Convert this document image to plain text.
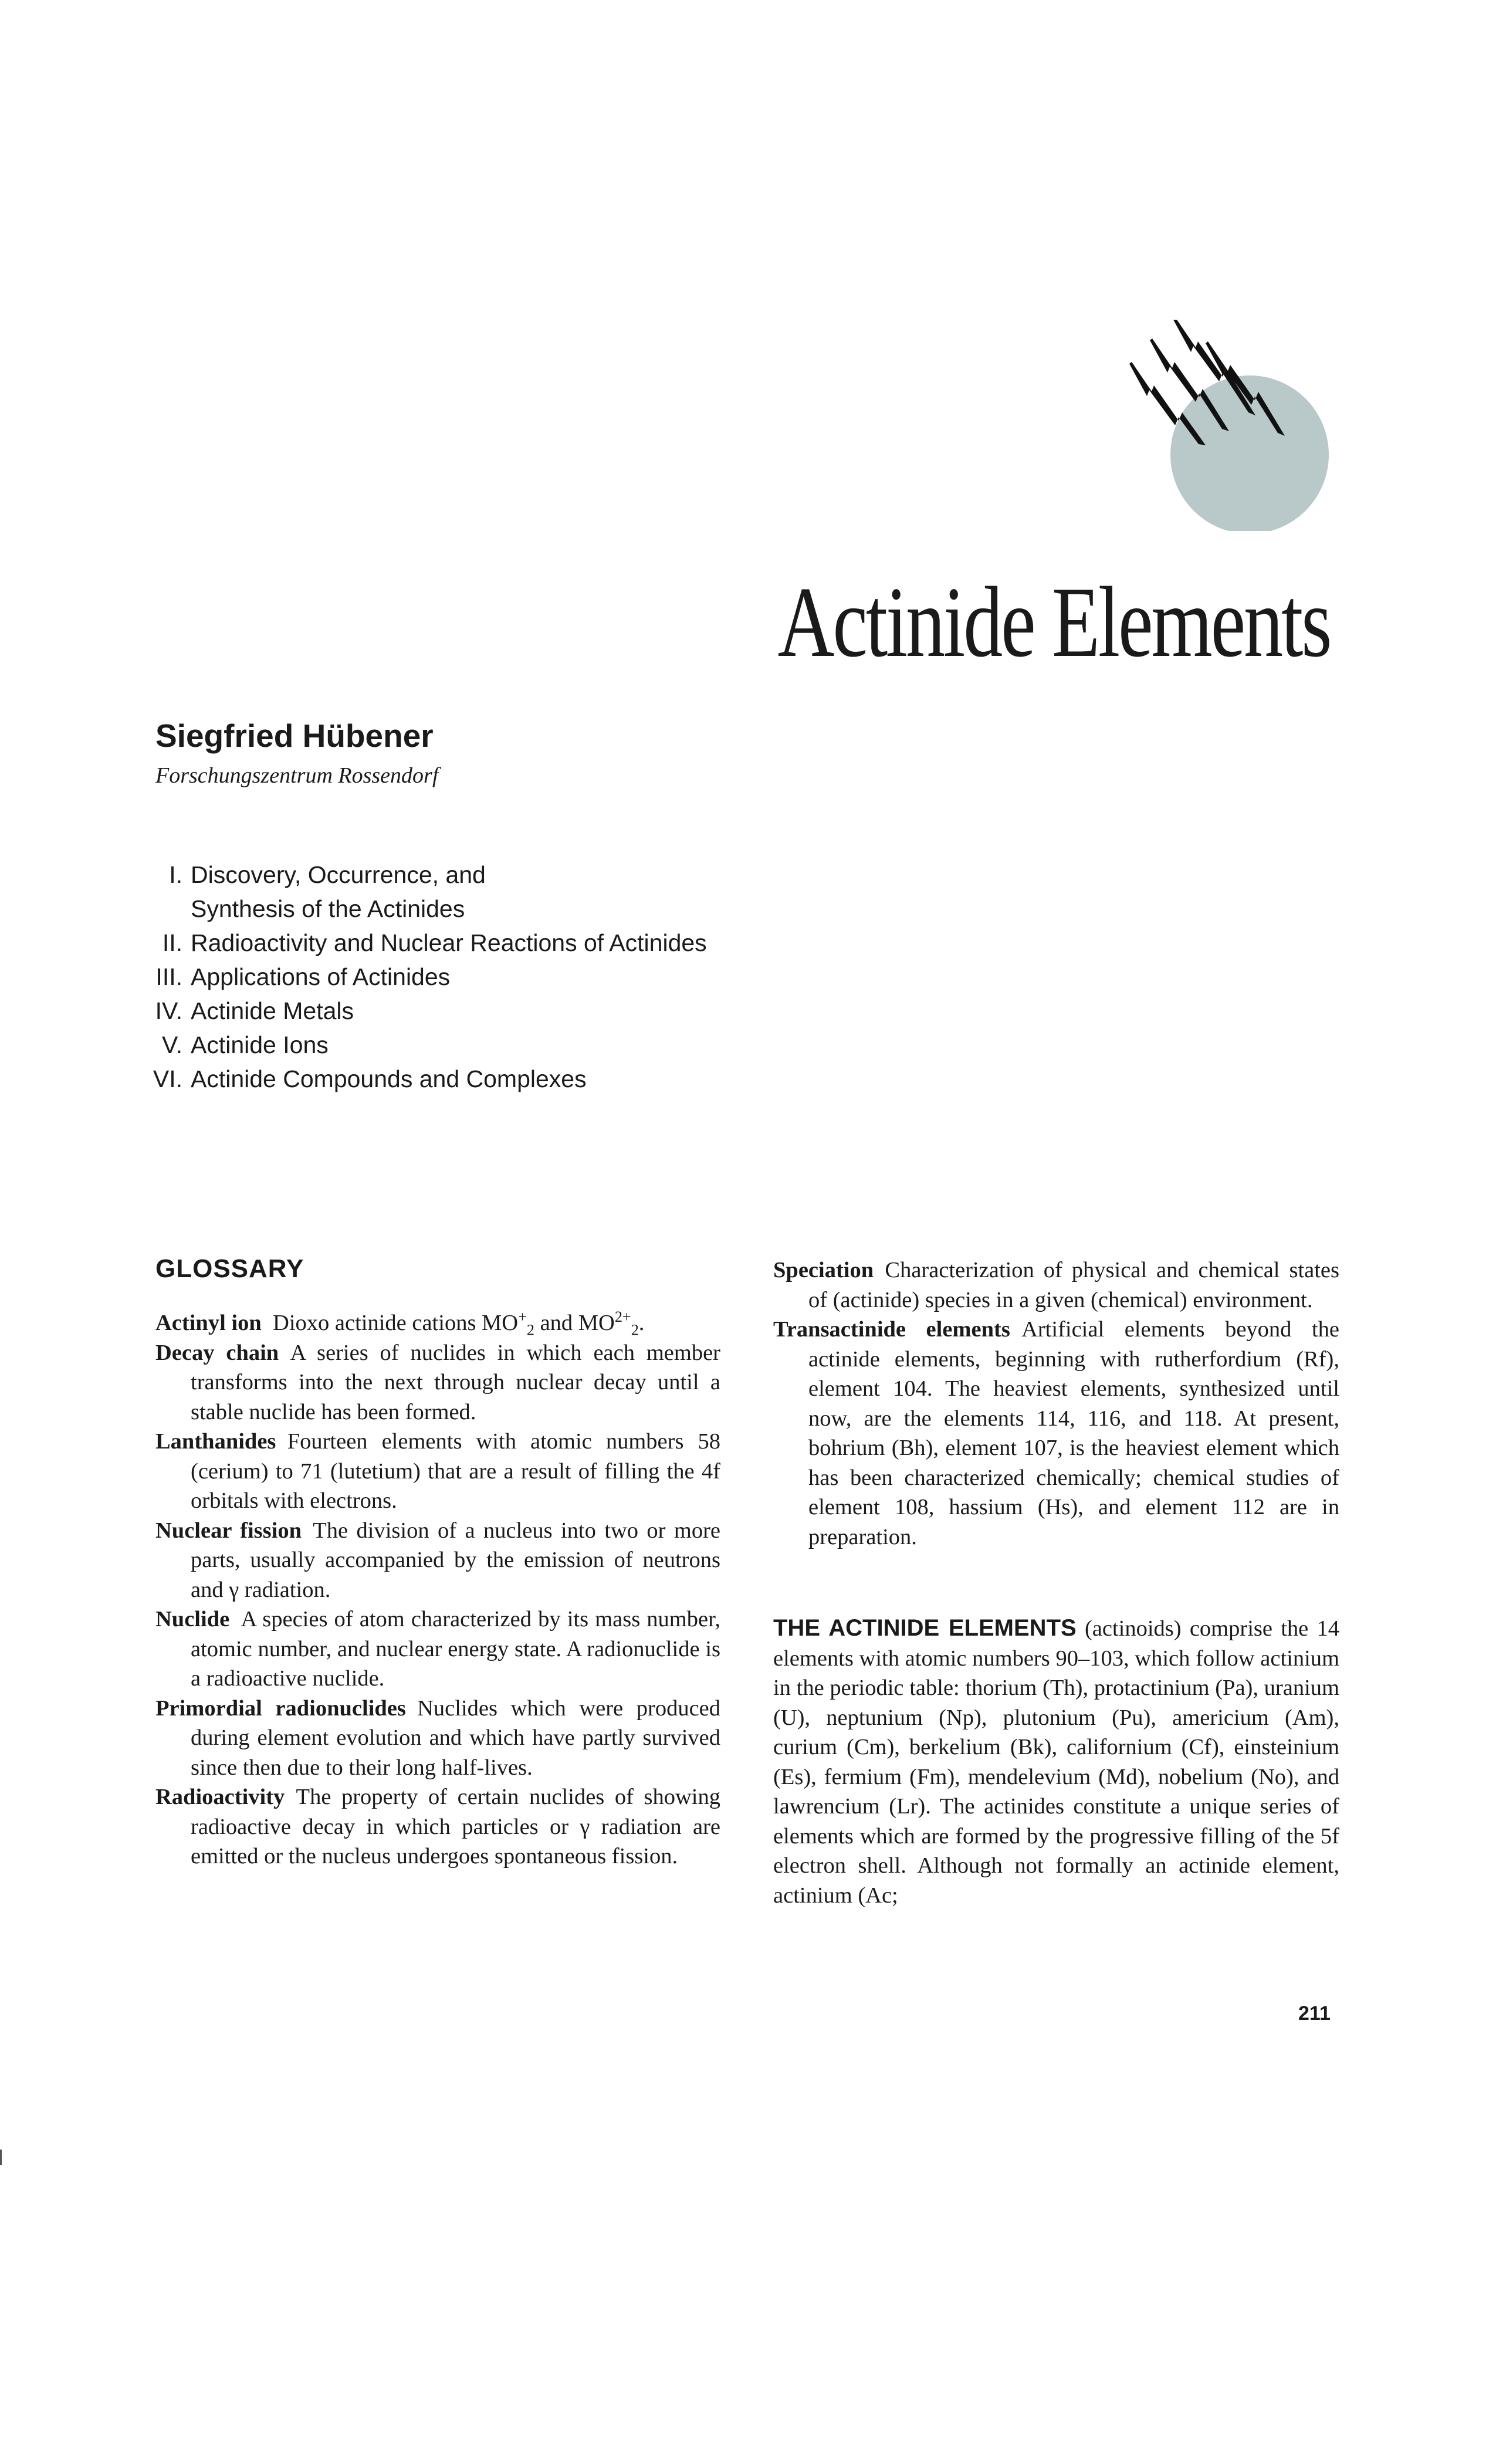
Actinide Elements

Siegfried Hübener

Forschungszentrum Rossendorf

I. Discovery, Occurrence, and
Synthesis of the Actinides
II. Radioactivity and Nuclear Reactions of Actinides
III. Applications of Actinides
IV. Actinide Metals
V. Actinide Ions
VI. Actinide Compounds and Complexes
GLOSSARY

Actinyl ion  Dioxo actinide cations $MO^+_2$ and $MO^{2+}_2$.

Decay chain  A series of nuclides in which each member transforms into the next through nuclear decay until a stable nuclide has been formed.

Lanthanides  Fourteen elements with atomic numbers 58 (cerium) to 71 (lutetium) that are a result of filling the 4f orbitals with electrons.

Nuclear fission  The division of a nucleus into two or more parts, usually accompanied by the emission of neutrons and γ radiation.

Nuclide  A species of atom characterized by its mass number, atomic number, and nuclear energy state. A radionuclide is a radioactive nuclide.

Primordial radionuclides  Nuclides which were produced during element evolution and which have partly survived since then due to their long half-lives.

Radioactivity  The property of certain nuclides of showing radioactive decay in which particles or γ radiation are emitted or the nucleus undergoes spontaneous fission.

Speciation  Characterization of physical and chemical states of (actinide) species in a given (chemical) environment.

Transactinide elements  Artificial elements beyond the actinide elements, beginning with rutherfordium (Rf), element 104. The heaviest elements, synthesized until now, are the elements 114, 116, and 118. At present, bohrium (Bh), element 107, is the heaviest element which has been characterized chemically; chemical studies of element 108, hassium (Hs), and element 112 are in preparation.

THE ACTINIDE ELEMENTS (actinoids) comprise the 14 elements with atomic numbers 90–103, which follow actinium in the periodic table: thorium (Th), protactinium (Pa), uranium (U), neptunium (Np), plutonium (Pu), americium (Am), curium (Cm), berkelium (Bk), californium (Cf), einsteinium (Es), fermium (Fm), mendelevium (Md), nobelium (No), and lawrencium (Lr). The actinides constitute a unique series of elements which are formed by the progressive filling of the 5f electron shell. Although not formally an actinide element, actinium (Ac;

211
